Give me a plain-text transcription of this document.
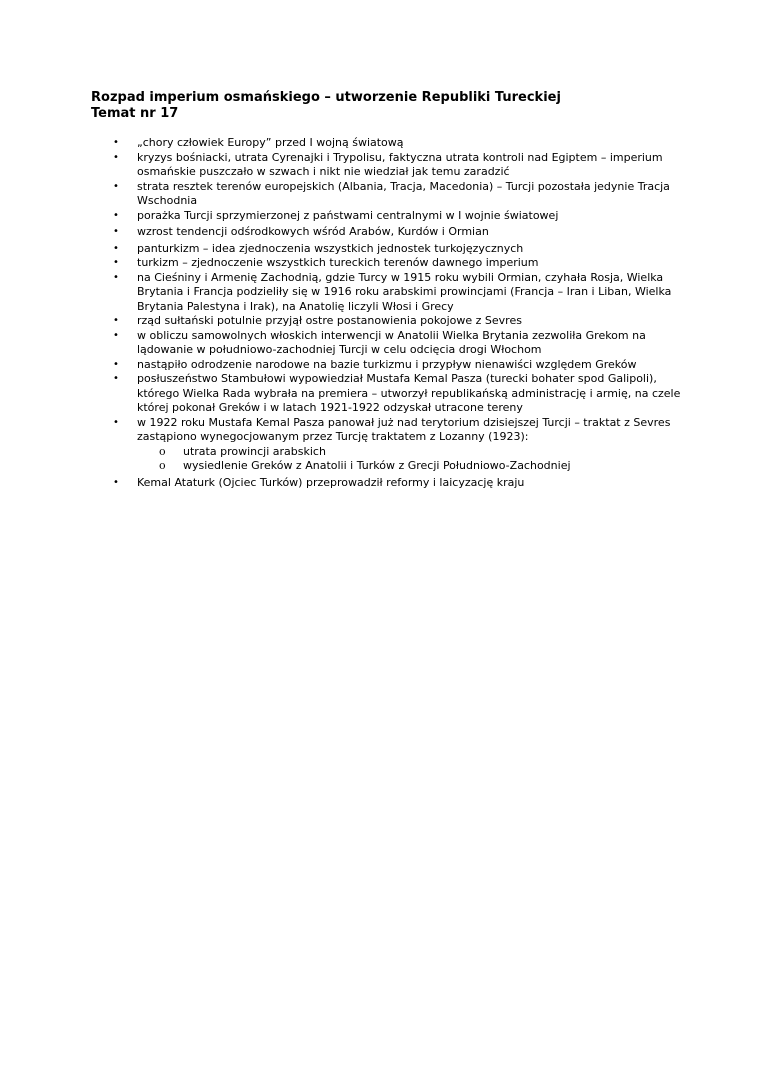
Rozpad imperium osmańskiego – utworzenie Republiki Tureckiej
Temat nr 17
• „chory człowiek Europy” przed I wojną światową
• kryzys bośniacki, utrata Cyrenajki i Trypolisu, faktyczna utrata kontroli nad Egiptem – imperium osmańskie puszczało w szwach i nikt nie wiedział jak temu zaradzić
• strata resztek terenów europejskich (Albania, Tracja, Macedonia) – Turcji pozostała jedynie Tracja Wschodnia
• porażka Turcji sprzymierzonej z państwami centralnymi w I wojnie światowej
• wzrost tendencji odśrodkowych wśród Arabów, Kurdów i Ormian
• panturkizm – idea zjednoczenia wszystkich jednostek turkojęzycznych
• turkizm – zjednoczenie wszystkich tureckich terenów dawnego imperium
• na Cieśniny i Armenię Zachodnią, gdzie Turcy w 1915 roku wybili Ormian, czyhała Rosja, Wielka Brytania i Francja podzieliły się w 1916 roku arabskimi prowincjami (Francja – Iran i Liban, Wielka Brytania Palestyna i Irak), na Anatolię liczyli Włosi i Grecy
• rząd sułtański potulnie przyjął ostre postanowienia pokojowe z Sevres
• w obliczu samowolnych włoskich interwencji w Anatolii Wielka Brytania zezwoliła Grekom na lądowanie w południowo-zachodniej Turcji w celu odcięcia drogi Włochom
• nastąpiło odrodzenie narodowe na bazie turkizmu i przypływ nienawiści względem Greków
• posłuszeństwo Stambułowi wypowiedział Mustafa Kemal Pasza (turecki bohater spod Galipoli), którego Wielka Rada wybrała na premiera – utworzył republikańską administrację i armię, na czele której pokonał Greków i w latach 1921-1922 odzyskał utracone tereny
• w 1922 roku Mustafa Kemal Pasza panował już nad terytorium dzisiejszej Turcji – traktat z Sevres zastąpiono wynegocjowanym przez Turcję traktatem z Lozanny (1923):
o utrata prowincji arabskich
o wysiedlenie Greków z Anatolii i Turków z Grecji Południowo-Zachodniej
• Kemal Ataturk (Ojciec Turków) przeprowadził reformy i laicyzację kraju
